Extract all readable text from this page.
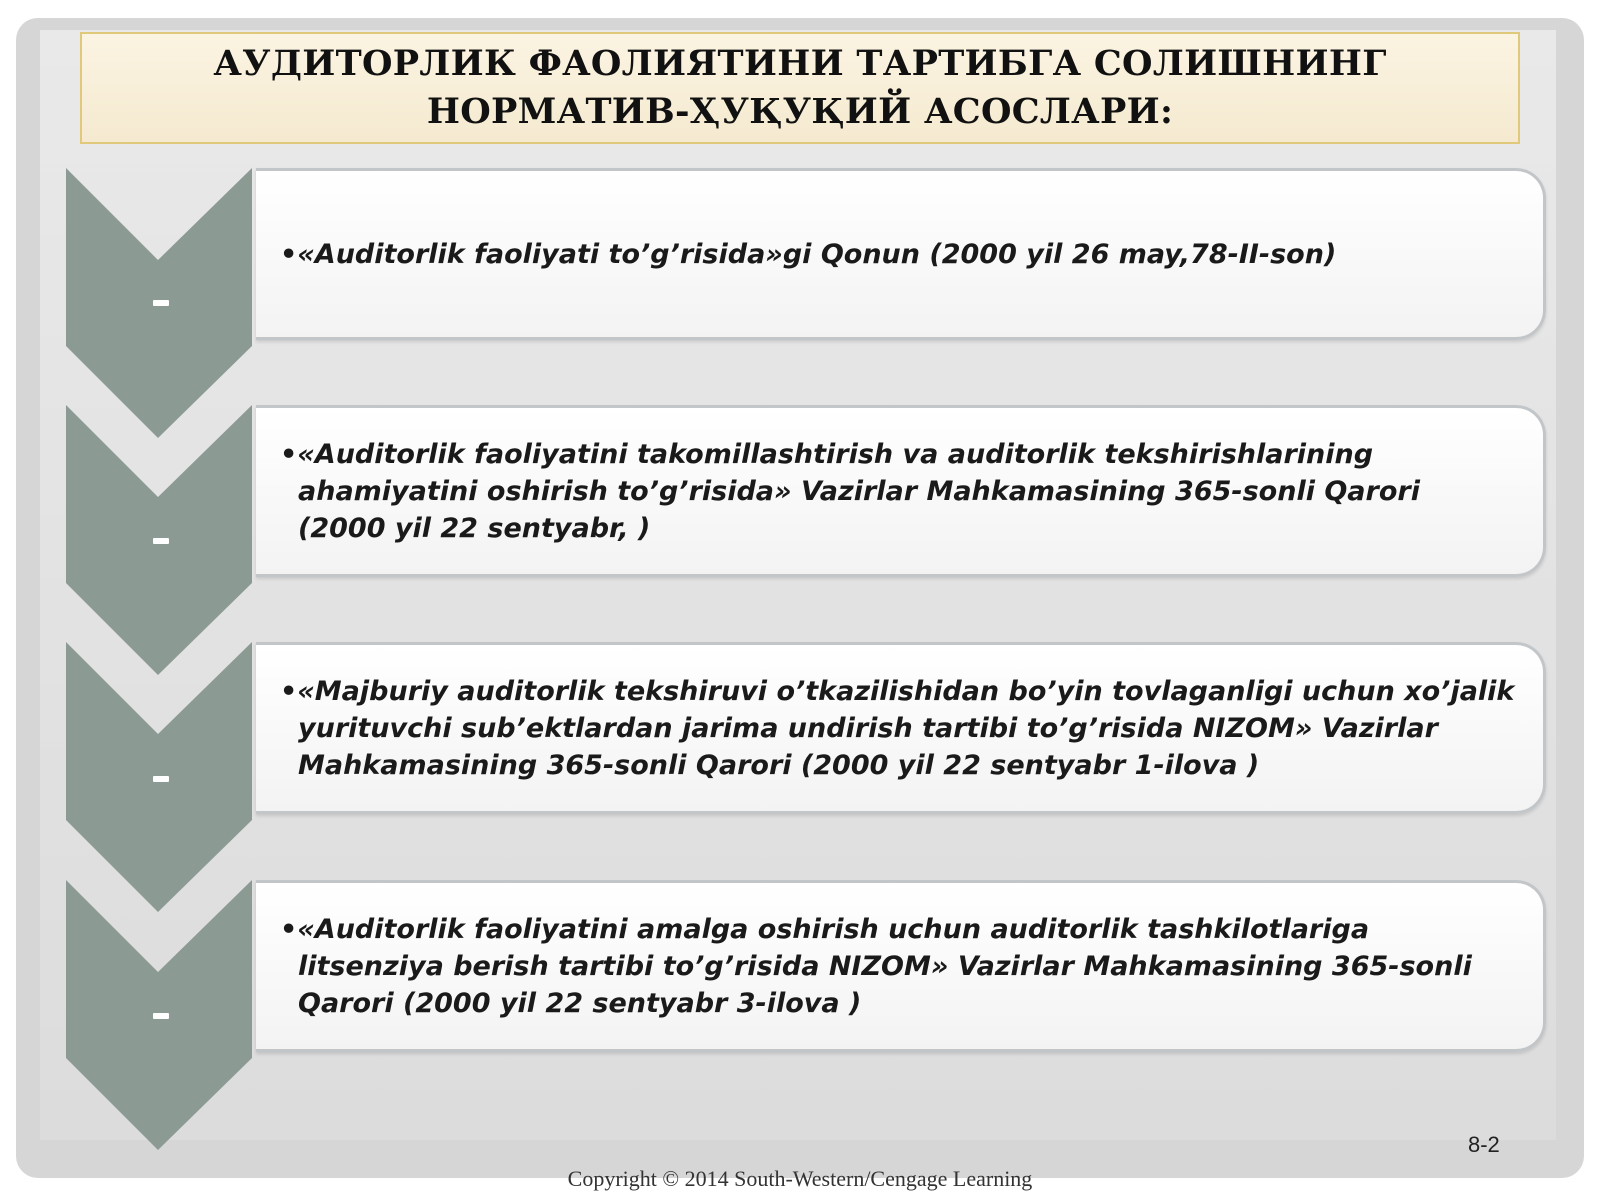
АУДИТОРЛИК ФАОЛИЯТИНИ ТАРТИБГА СОЛИШНИНГ НОРМАТИВ-ҲУҚУҚИЙ АСОСЛАРИ:
•«Auditorlik faoliyati to’g’risida»gi Qonun (2000 yil 26 may,78-II-son)
•«Auditorlik faoliyatini takomillashtirish va auditorlik tekshirishlarining ahamiyatini oshirish to’g’risida» Vazirlar Mahkamasining 365-sonli Qarori (2000 yil 22 sentyabr, )
•«Majburiy auditorlik tekshiruvi o’tkazilishidan bo’yin tovlaganligi uchun xo’jalik yurituvchi sub’ektlardan jarima undirish tartibi to’g’risida NIZOM» Vazirlar Mahkamasining 365-sonli Qarori (2000 yil 22 sentyabr 1-ilova )
•«Auditorlik faoliyatini amalga oshirish uchun auditorlik tashkilotlariga litsenziya berish tartibi to’g’risida NIZOM» Vazirlar Mahkamasining 365-sonli Qarori (2000 yil 22 sentyabr 3-ilova )
8-2
Copyright © 2014 South-Western/Cengage Learning
